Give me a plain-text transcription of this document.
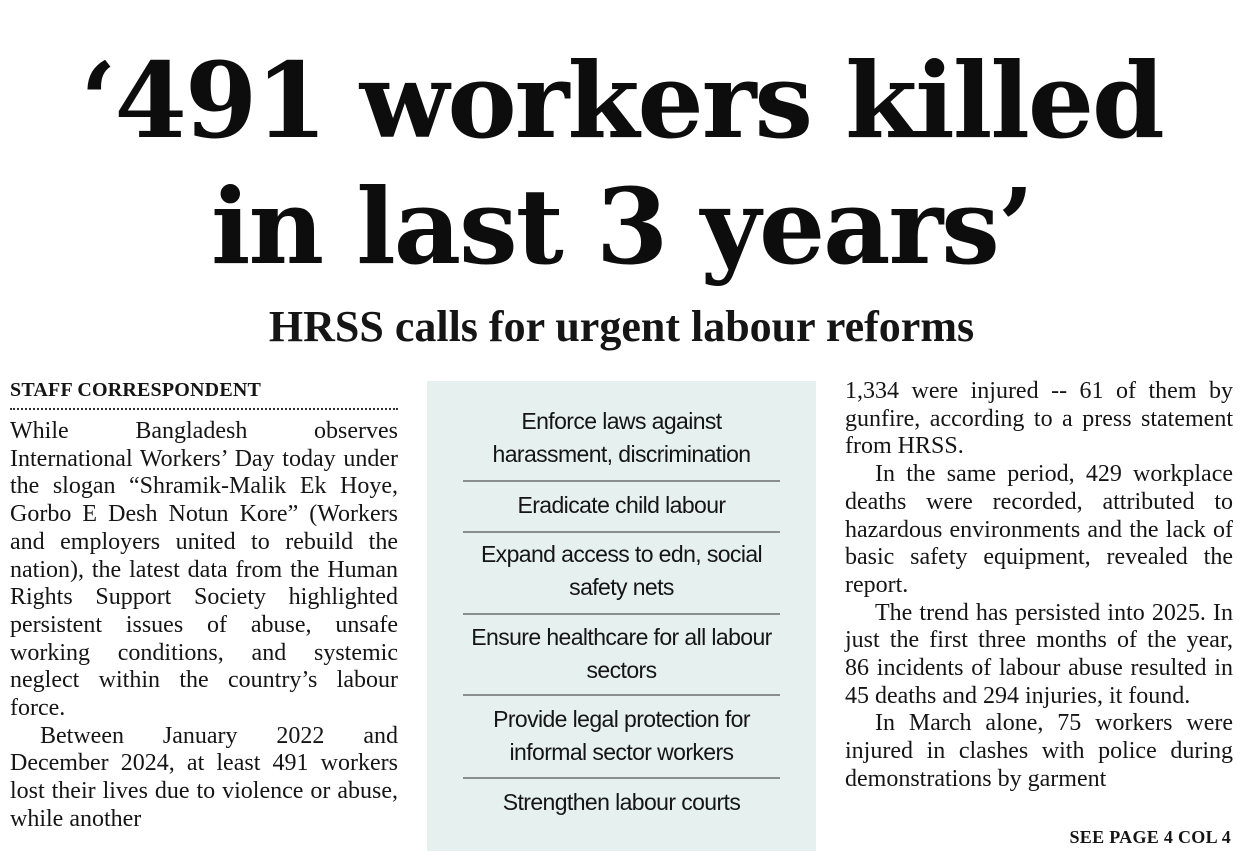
‘491 workers killed
in last 3 years’
HRSS calls for urgent labour reforms
STAFF CORRESPONDENT

While Bangladesh observes International Workers’ Day today under the slogan “Shramik-Malik Ek Hoye, Gorbo E Desh Notun Kore” (Workers and employers united to rebuild the nation), the latest data from the Human Rights Support Society highlighted persistent issues of abuse, unsafe working conditions, and systemic neglect within the country’s labour force.

Between January 2022 and December 2024, at least 491 workers lost their lives due to violence or abuse, while another

Enforce laws against harassment, discrimination
Eradicate child labour
Expand access to edn, social safety nets
Ensure healthcare for all labour sectors
Provide legal protection for informal sector workers
Strengthen labour courts

1,334 were injured -- 61 of them by gunfire, according to a press statement from HRSS.

In the same period, 429 workplace deaths were recorded, attributed to hazardous environments and the lack of basic safety equipment, revealed the report.

The trend has persisted into 2025. In just the first three months of the year, 86 incidents of labour abuse resulted in 45 deaths and 294 injuries, it found.

In March alone, 75 workers were injured in clashes with police during demonstrations by garment

SEE PAGE 4 COL 4
